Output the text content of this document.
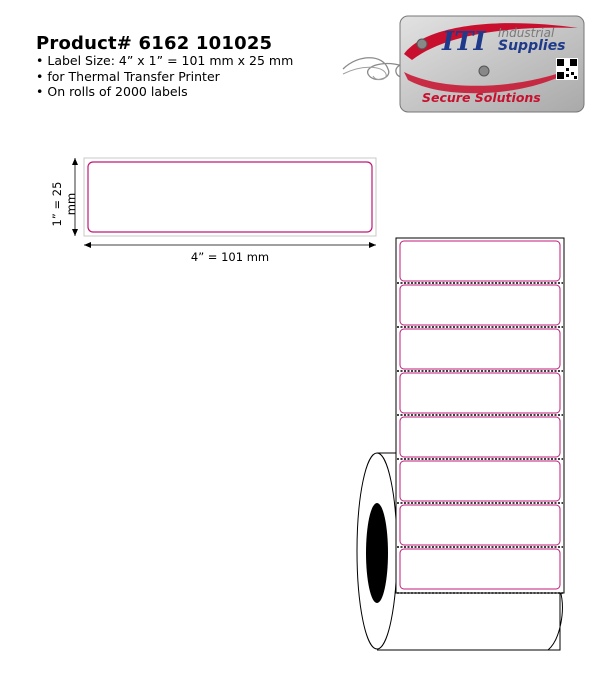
Product# 6162 101025
• Label Size: 4” x 1” = 101 mm x 25 mm
• for Thermal Transfer Printer
• On rolls of 2000 labels
ITI Industrial
Supplies
Secure Solutions
4” = 101 mm
1” = 25 mm
